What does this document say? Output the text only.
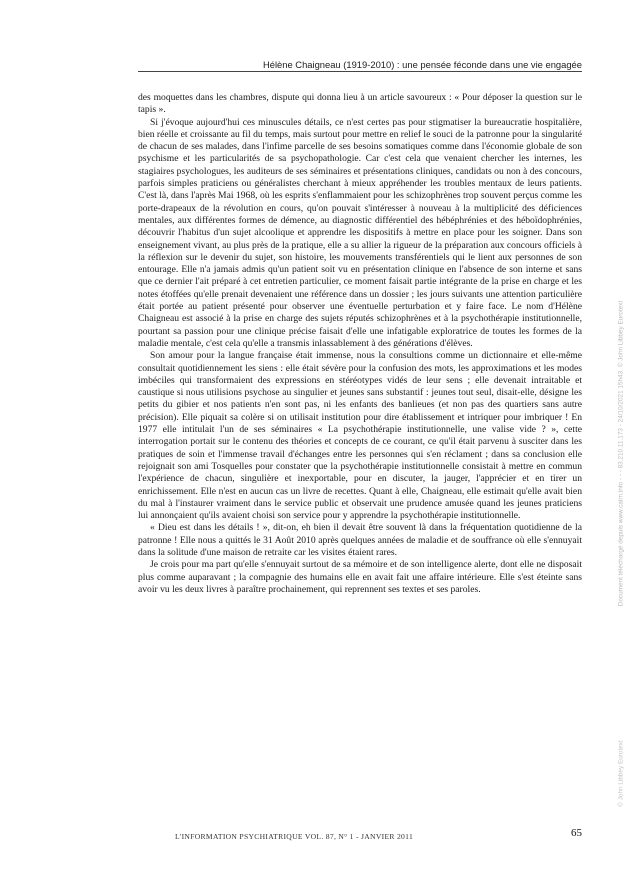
Hélène Chaigneau (1919-2010) : une pensée féconde dans une vie engagée

des moquettes dans les chambres, dispute qui donna lieu à un article savoureux : « Pour déposer la question sur le tapis ».

Si j'évoque aujourd'hui ces minuscules détails, ce n'est certes pas pour stigmatiser la bureaucratie hospitalière, bien réelle et croissante au fil du temps, mais surtout pour mettre en relief le souci de la patronne pour la singularité de chacun de ses malades, dans l'infime parcelle de ses besoins somatiques comme dans l'économie globale de son psychisme et les particularités de sa psychopathologie. Car c'est cela que venaient chercher les internes, les stagiaires psychologues, les auditeurs de ses séminaires et présentations cliniques, candidats ou non à des concours, parfois simples praticiens ou généralistes cherchant à mieux appréhender les troubles mentaux de leurs patients. C'est là, dans l'après Mai 1968, où les esprits s'enflammaient pour les schizophrènes trop souvent perçus comme les porte-drapeaux de la révolution en cours, qu'on pouvait s'intéresser à nouveau à la multiplicité des déficiences mentales, aux différentes formes de démence, au diagnostic différentiel des hébéphrénies et des héboïdophrénies, découvrir l'habitus d'un sujet alcoolique et apprendre les dispositifs à mettre en place pour les soigner. Dans son enseignement vivant, au plus près de la pratique, elle a su allier la rigueur de la préparation aux concours officiels à la réflexion sur le devenir du sujet, son histoire, les mouvements transférentiels qui le lient aux personnes de son entourage. Elle n'a jamais admis qu'un patient soit vu en présentation clinique en l'absence de son interne et sans que ce dernier l'ait préparé à cet entretien particulier, ce moment faisait partie intégrante de la prise en charge et les notes étoffées qu'elle prenait devenaient une référence dans un dossier ; les jours suivants une attention particulière était portée au patient présenté pour observer une éventuelle perturbation et y faire face. Le nom d'Hélène Chaigneau est associé à la prise en charge des sujets réputés schizophrènes et à la psychothérapie institutionnelle, pourtant sa passion pour une clinique précise faisait d'elle une infatigable exploratrice de toutes les formes de la maladie mentale, c'est cela qu'elle a transmis inlassablement à des générations d'élèves.

Son amour pour la langue française était immense, nous la consultions comme un dictionnaire et elle-même consultait quotidiennement les siens : elle était sévère pour la confusion des mots, les approximations et les modes imbéciles qui transformaient des expressions en stéréotypes vidés de leur sens ; elle devenait intraitable et caustique si nous utilisions psychose au singulier et jeunes sans substantif : jeunes tout seul, disait-elle, désigne les petits du gibier et nos patients n'en sont pas, ni les enfants des banlieues (et non pas des quartiers sans autre précision). Elle piquait sa colère si on utilisait institution pour dire établissement et intriquer pour imbriquer ! En 1977 elle intitulait l'un de ses séminaires « La psychothérapie institutionnelle, une valise vide ? », cette interrogation portait sur le contenu des théories et concepts de ce courant, ce qu'il était parvenu à susciter dans les pratiques de soin et l'immense travail d'échanges entre les personnes qui s'en réclament ; dans sa conclusion elle rejoignait son ami Tosquelles pour constater que la psychothérapie institutionnelle consistait à mettre en commun l'expérience de chacun, singulière et inexportable, pour en discuter, la jauger, l'apprécier et en tirer un enrichissement. Elle n'est en aucun cas un livre de recettes. Quant à elle, Chaigneau, elle estimait qu'elle avait bien du mal à l'instaurer vraiment dans le service public et observait une prudence amusée quand les jeunes praticiens lui annonçaient qu'ils avaient choisi son service pour y apprendre la psychothérapie institutionnelle.

« Dieu est dans les détails ! », dit-on, eh bien il devait être souvent là dans la fréquentation quotidienne de la patronne ! Elle nous a quittés le 31 Août 2010 après quelques années de maladie et de souffrance où elle s'ennuyait dans la solitude d'une maison de retraite car les visites étaient rares.

Je crois pour ma part qu'elle s'ennuyait surtout de sa mémoire et de son intelligence alerte, dont elle ne disposait plus comme auparavant ; la compagnie des humains elle en avait fait une affaire intérieure. Elle s'est éteinte sans avoir vu les deux livres à paraître prochainement, qui reprennent ses textes et ses paroles.

L'INFORMATION PSYCHIATRIQUE VOL. 87, N° 1 - JANVIER 2011	65
Document téléchargé depuis www.cairn.info - - - 83.210.11.173 - 24/10/2021 15h43. © John Libbey Eurotext
© John Libbey Eurotext
